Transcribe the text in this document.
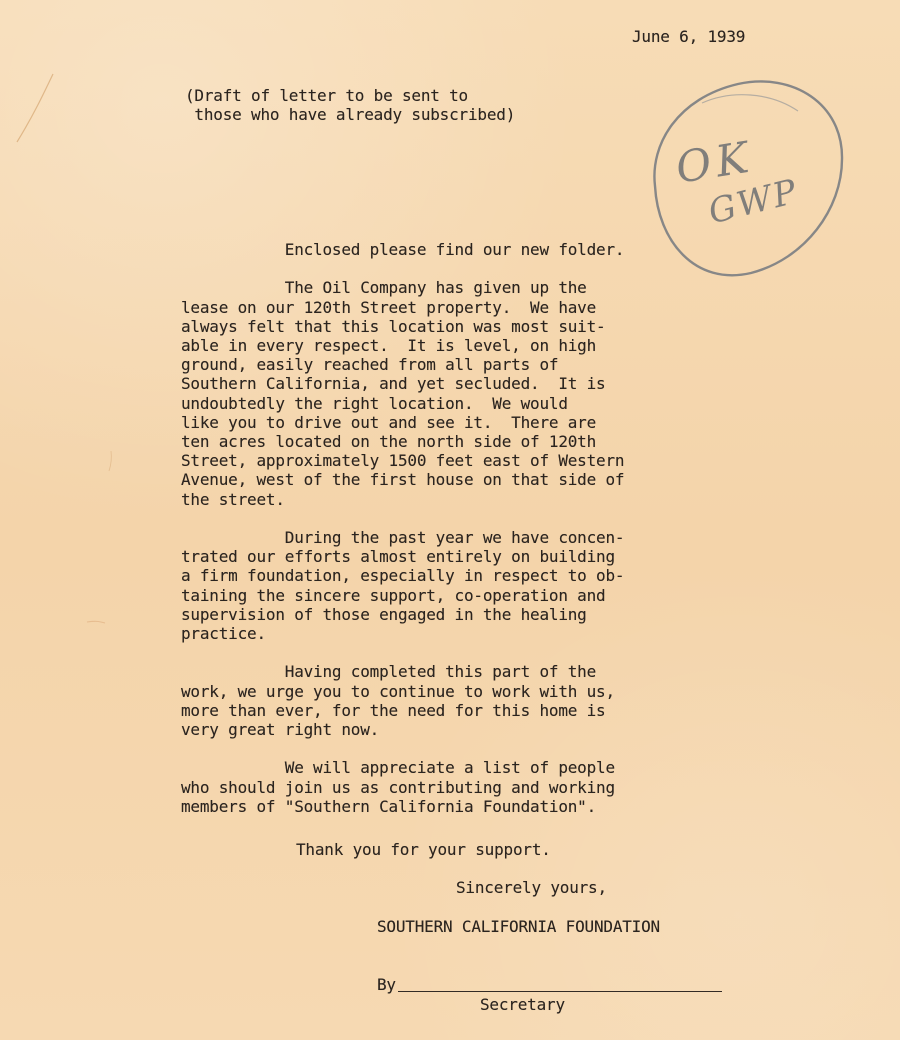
June 6, 1939

(Draft of letter to be sent to
those who have already subscribed)

OK
GWP

Enclosed please find our new folder.

The Oil Company has given up the
lease on our 120th Street property.  We have
always felt that this location was most suit-
able in every respect.  It is level, on high
ground, easily reached from all parts of
Southern California, and yet secluded.  It is
undoubtedly the right location.  We would
like you to drive out and see it.  There are
ten acres located on the north side of 120th
Street, approximately 1500 feet east of Western
Avenue, west of the first house on that side of
the street.

During the past year we have concen-
trated our efforts almost entirely on building
a firm foundation, especially in respect to ob-
taining the sincere support, co-operation and
supervision of those engaged in the healing
practice.

Having completed this part of the
work, we urge you to continue to work with us,
more than ever, for the need for this home is
very great right now.

We will appreciate a list of people
who should join us as contributing and working
members of "Southern California Foundation".

Thank you for your support.

Sincerely yours,

SOUTHERN CALIFORNIA FOUNDATION

By

Secretary
